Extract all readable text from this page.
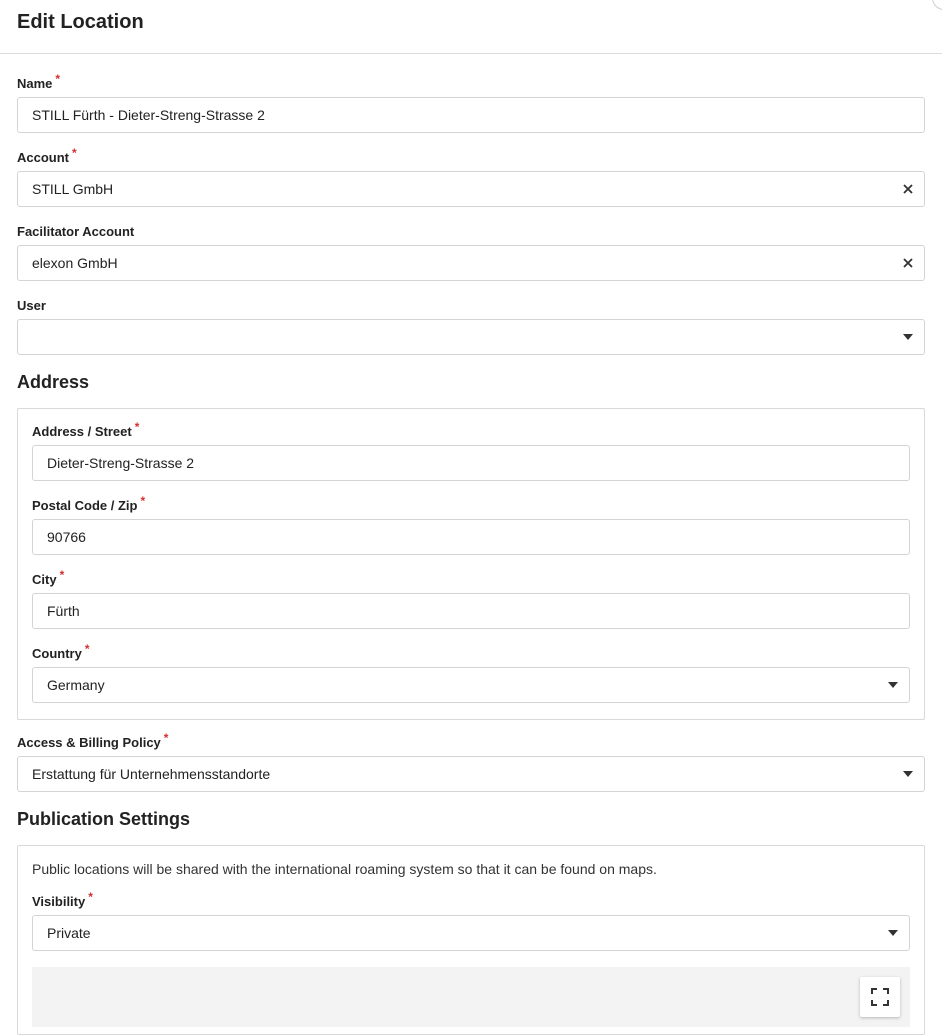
Edit Location
Name *
STILL Fürth - Dieter-Streng-Strasse 2
Account *
STILL GmbH
Facilitator Account
elexon GmbH
User
Address
Address / Street *
Dieter-Streng-Strasse 2
Postal Code / Zip *
90766
City *
Fürth
Country *
Germany
Access & Billing Policy *
Erstattung für Unternehmensstandorte
Publication Settings
Public locations will be shared with the international roaming system so that it can be found on maps.
Visibility *
Private
